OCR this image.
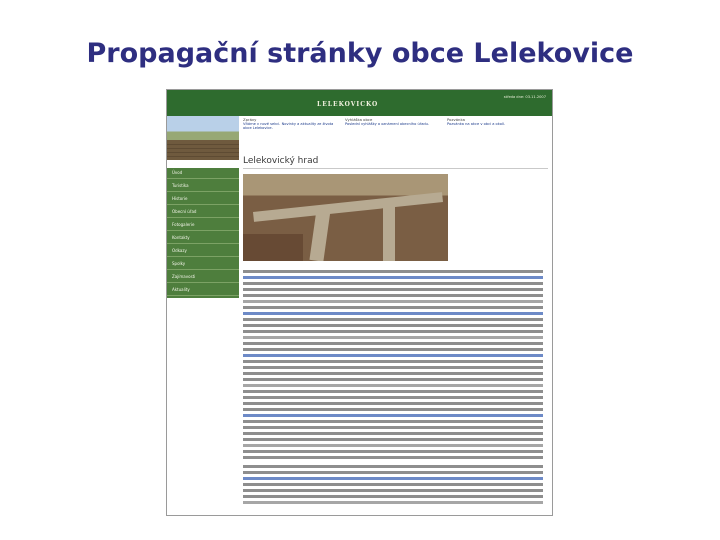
Propagační stránky obce Lelekovice
LELEKOVICKO
středa dne: 03.11.2007
Zprávy
Vítáme v nové sekci. Novinky a aktuality ze života obce Lelekovice.
Vyhláška obce
Poslední vyhlášky a oznámení obecního úřadu.
Pozvánka
Pozvánka na akce v obci a okolí.
Úvod
Turistika
Historie
Obecní úřad
Fotogalerie
Kontakty
Odkazy
Spolky
Zajímavosti
Aktuality
Lelekovický hrad
